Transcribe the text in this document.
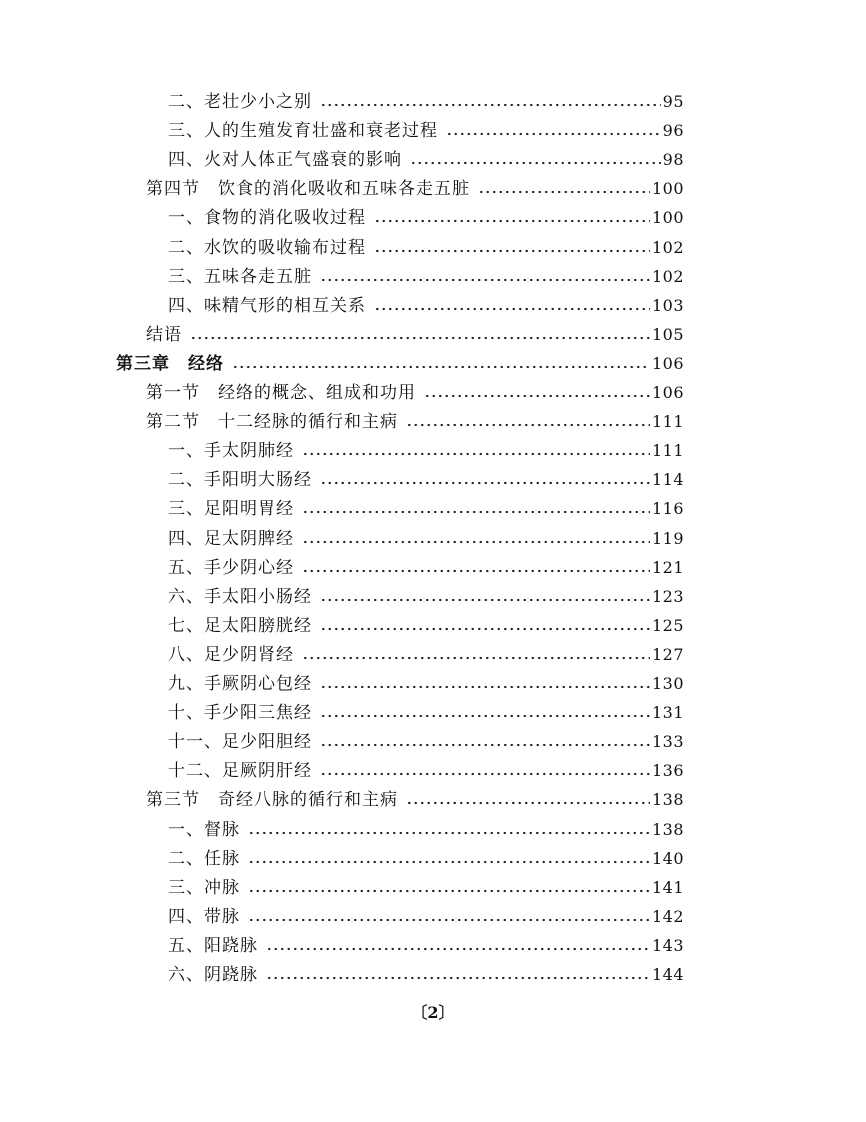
二、老壮少小之别	95
三、人的生殖发育壮盛和衰老过程	96
四、火对人体正气盛衰的影响	98
第四节　饮食的消化吸收和五味各走五脏	100
一、食物的消化吸收过程	100
二、水饮的吸收输布过程	102
三、五味各走五脏	102
四、味精气形的相互关系	103
结语	105
第三章　经络	106
第一节　经络的概念、组成和功用	106
第二节　十二经脉的循行和主病	111
一、手太阴肺经	111
二、手阳明大肠经	114
三、足阳明胃经	116
四、足太阴脾经	119
五、手少阴心经	121
六、手太阳小肠经	123
七、足太阳膀胱经	125
八、足少阴肾经	127
九、手厥阴心包经	130
十、手少阳三焦经	131
十一、足少阳胆经	133
十二、足厥阴肝经	136
第三节　奇经八脉的循行和主病	138
一、督脉	138
二、任脉	140
三、冲脉	141
四、带脉	142
五、阳跷脉	143
六、阴跷脉	144
〔2〕
